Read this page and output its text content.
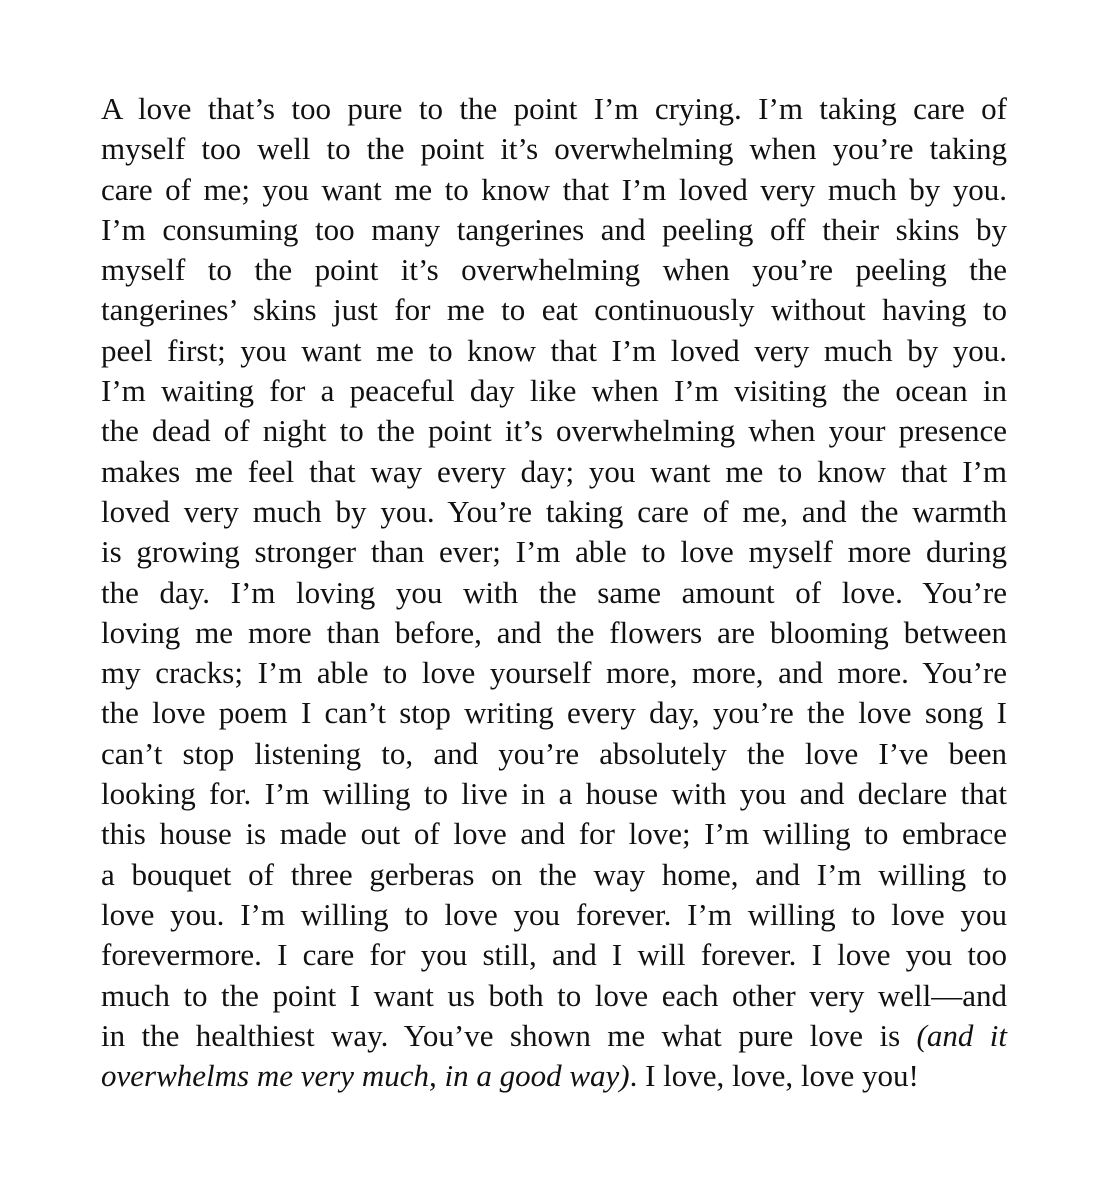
A love that’s too pure to the point I’m crying. I’m taking care of
myself too well to the point it’s overwhelming when you’re taking
care of me; you want me to know that I’m loved very much by you.
I’m consuming too many tangerines and peeling off their skins by
myself to the point it’s overwhelming when you’re peeling the
tangerines’ skins just for me to eat continuously without having to
peel first; you want me to know that I’m loved very much by you.
I’m waiting for a peaceful day like when I’m visiting the ocean in
the dead of night to the point it’s overwhelming when your presence
makes me feel that way every day; you want me to know that I’m
loved very much by you. You’re taking care of me, and the warmth
is growing stronger than ever; I’m able to love myself more during
the day. I’m loving you with the same amount of love. You’re
loving me more than before, and the flowers are blooming between
my cracks; I’m able to love yourself more, more, and more. You’re
the love poem I can’t stop writing every day, you’re the love song I
can’t stop listening to, and you’re absolutely the love I’ve been
looking for. I’m willing to live in a house with you and declare that
this house is made out of love and for love; I’m willing to embrace
a bouquet of three gerberas on the way home, and I’m willing to
love you. I’m willing to love you forever. I’m willing to love you
forevermore. I care for you still, and I will forever. I love you too
much to the point I want us both to love each other very well—and
in the healthiest way. You’ve shown me what pure love is (and it
overwhelms me very much, in a good way). I love, love, love you!
